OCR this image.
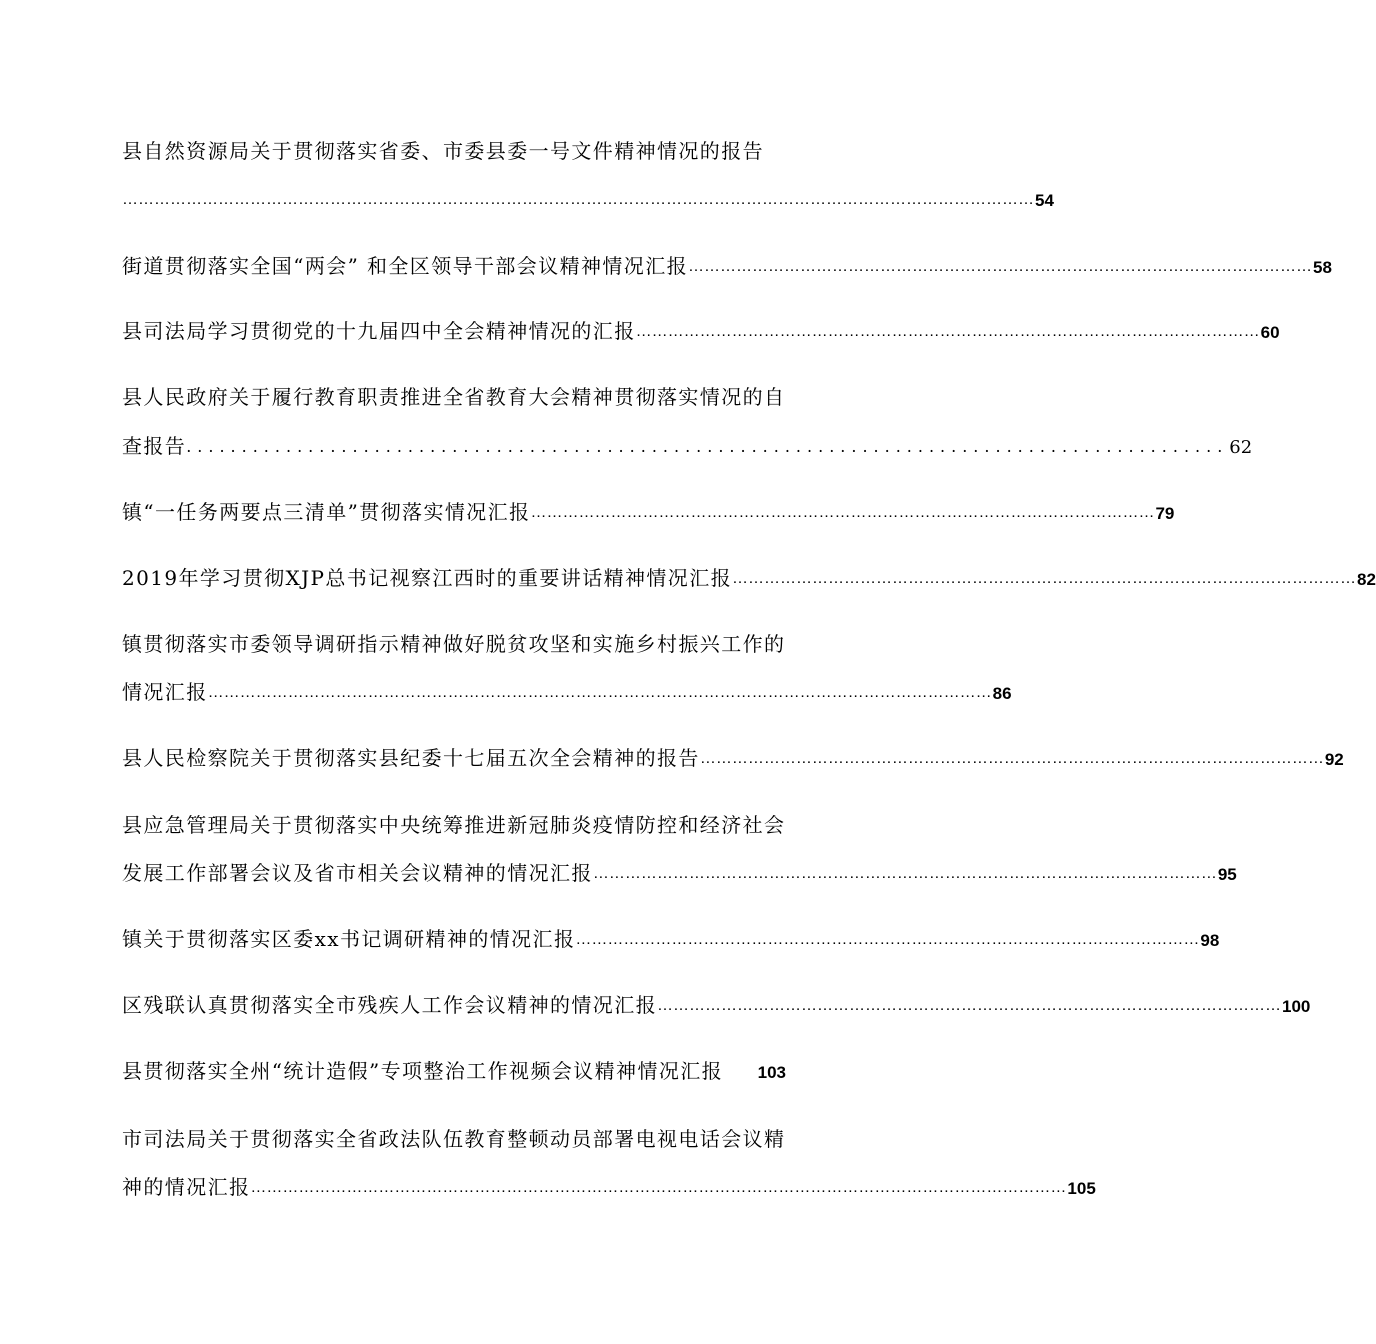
县自然资源局关于贯彻落实省委、市委县委一号文件精神情况的报告
……………………………………………………………………………………………………………………………………………………… 54
街道贯彻落实全国“两会” 和全区领导干部会议精神情况汇报 ……………………………………………………………………………………………………… 58
县司法局学习贯彻党的十九届四中全会精神情况的汇报 ……………………………………………………………………………………………………… 60
县人民政府关于履行教育职责推进全省教育大会精神贯彻落实情况的自
查报告 .............................................................................................. 62
镇“一任务两要点三清单”贯彻落实情况汇报 ……………………………………………………………………………………………………… 79
2019年学习贯彻XJP总书记视察江西时的重要讲话精神情况汇报 ……………………………………………………………………………………………………… 82
镇贯彻落实市委领导调研指示精神做好脱贫攻坚和实施乡村振兴工作的
情况汇报 ………………………………………………………………………………………………………………………………… 86
县人民检察院关于贯彻落实县纪委十七届五次全会精神的报告 ……………………………………………………………………………………………………… 92
县应急管理局关于贯彻落实中央统筹推进新冠肺炎疫情防控和经济社会
发展工作部署会议及省市相关会议精神的情况汇报 ……………………………………………………………………………………………………… 95
镇关于贯彻落实区委xx书记调研精神的情况汇报 ……………………………………………………………………………………………………… 98
区残联认真贯彻落实全市残疾人工作会议精神的情况汇报 ……………………………………………………………………………………………………… 100
县贯彻落实全州“统计造假”专项整治工作视频会议精神情况汇报 103
市司法局关于贯彻落实全省政法队伍教育整顿动员部署电视电话会议精
神的情况汇报 ……………………………………………………………………………………………………………………………………… 105
